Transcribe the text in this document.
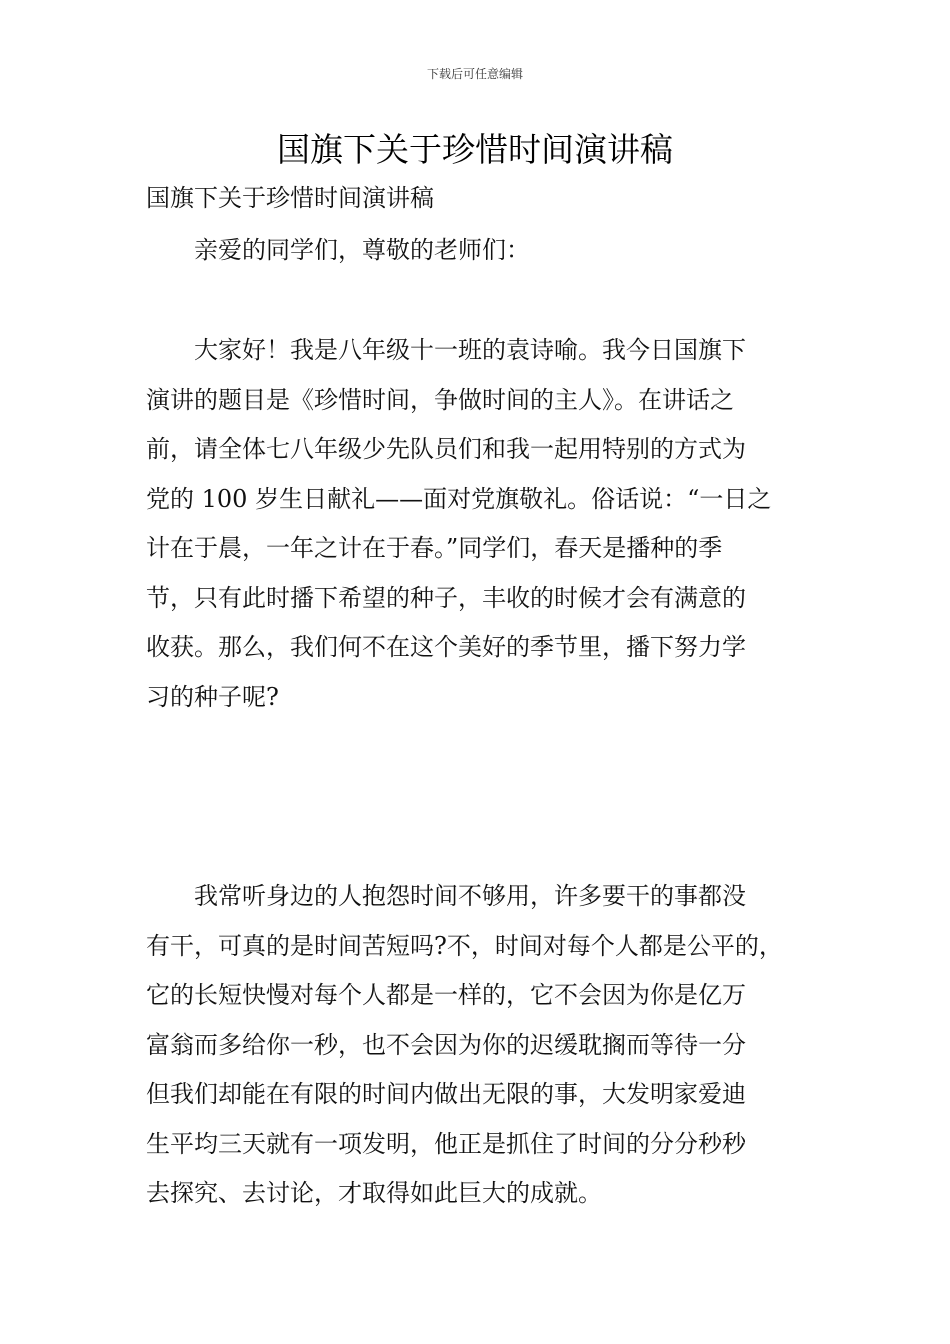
下载后可任意编辑
国旗下关于珍惜时间演讲稿

国旗下关于珍惜时间演讲稿

亲爱的同学们，尊敬的老师们：

　　大家好！我是八年级十一班的袁诗喻。我今日国旗下
演讲的题目是《珍惜时间，争做时间的主人》。在讲话之
前，请全体七八年级少先队员们和我一起用特别的方式为
党的 100 岁生日献礼——面对党旗敬礼。俗话说：“一日之
计在于晨，一年之计在于春。”同学们，春天是播种的季
节，只有此时播下希望的种子，丰收的时候才会有满意的
收获。那么，我们何不在这个美好的季节里，播下努力学
习的种子呢?

　　我常听身边的人抱怨时间不够用，许多要干的事都没
有干，可真的是时间苦短吗?不，时间对每个人都是公平的，
它的长短快慢对每个人都是一样的，它不会因为你是亿万
富翁而多给你一秒，也不会因为你的迟缓耽搁而等待一分
但我们却能在有限的时间内做出无限的事，大发明家爱迪
生平均三天就有一项发明，他正是抓住了时间的分分秒秒
去探究、去讨论，才取得如此巨大的成就。
